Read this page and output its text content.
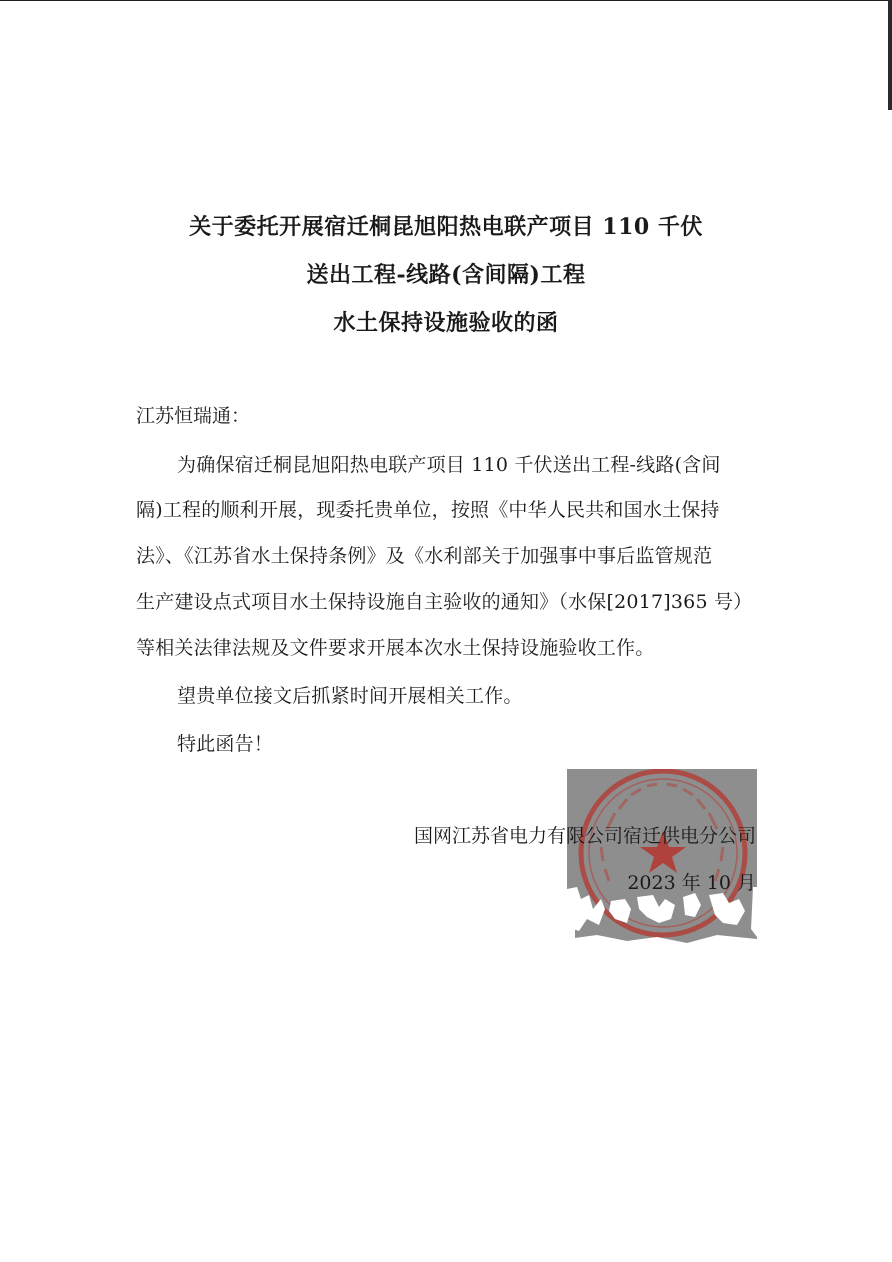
关于委托开展宿迁桐昆旭阳热电联产项目 110 千伏
送出工程-线路(含间隔)工程
水土保持设施验收的函
江苏恒瑞通：
为确保宿迁桐昆旭阳热电联产项目 110 千伏送出工程-线路(含间
隔)工程的顺利开展，现委托贵单位，按照《中华人民共和国水土保持
法》、《江苏省水土保持条例》及《水利部关于加强事中事后监管规范
生产建设点式项目水土保持设施自主验收的通知》（水保[2017]365 号）
等相关法律法规及文件要求开展本次水土保持设施验收工作。
望贵单位接文后抓紧时间开展相关工作。
特此函告！
国网江苏省电力有限公司宿迁供电分公司
2023 年 10 月
